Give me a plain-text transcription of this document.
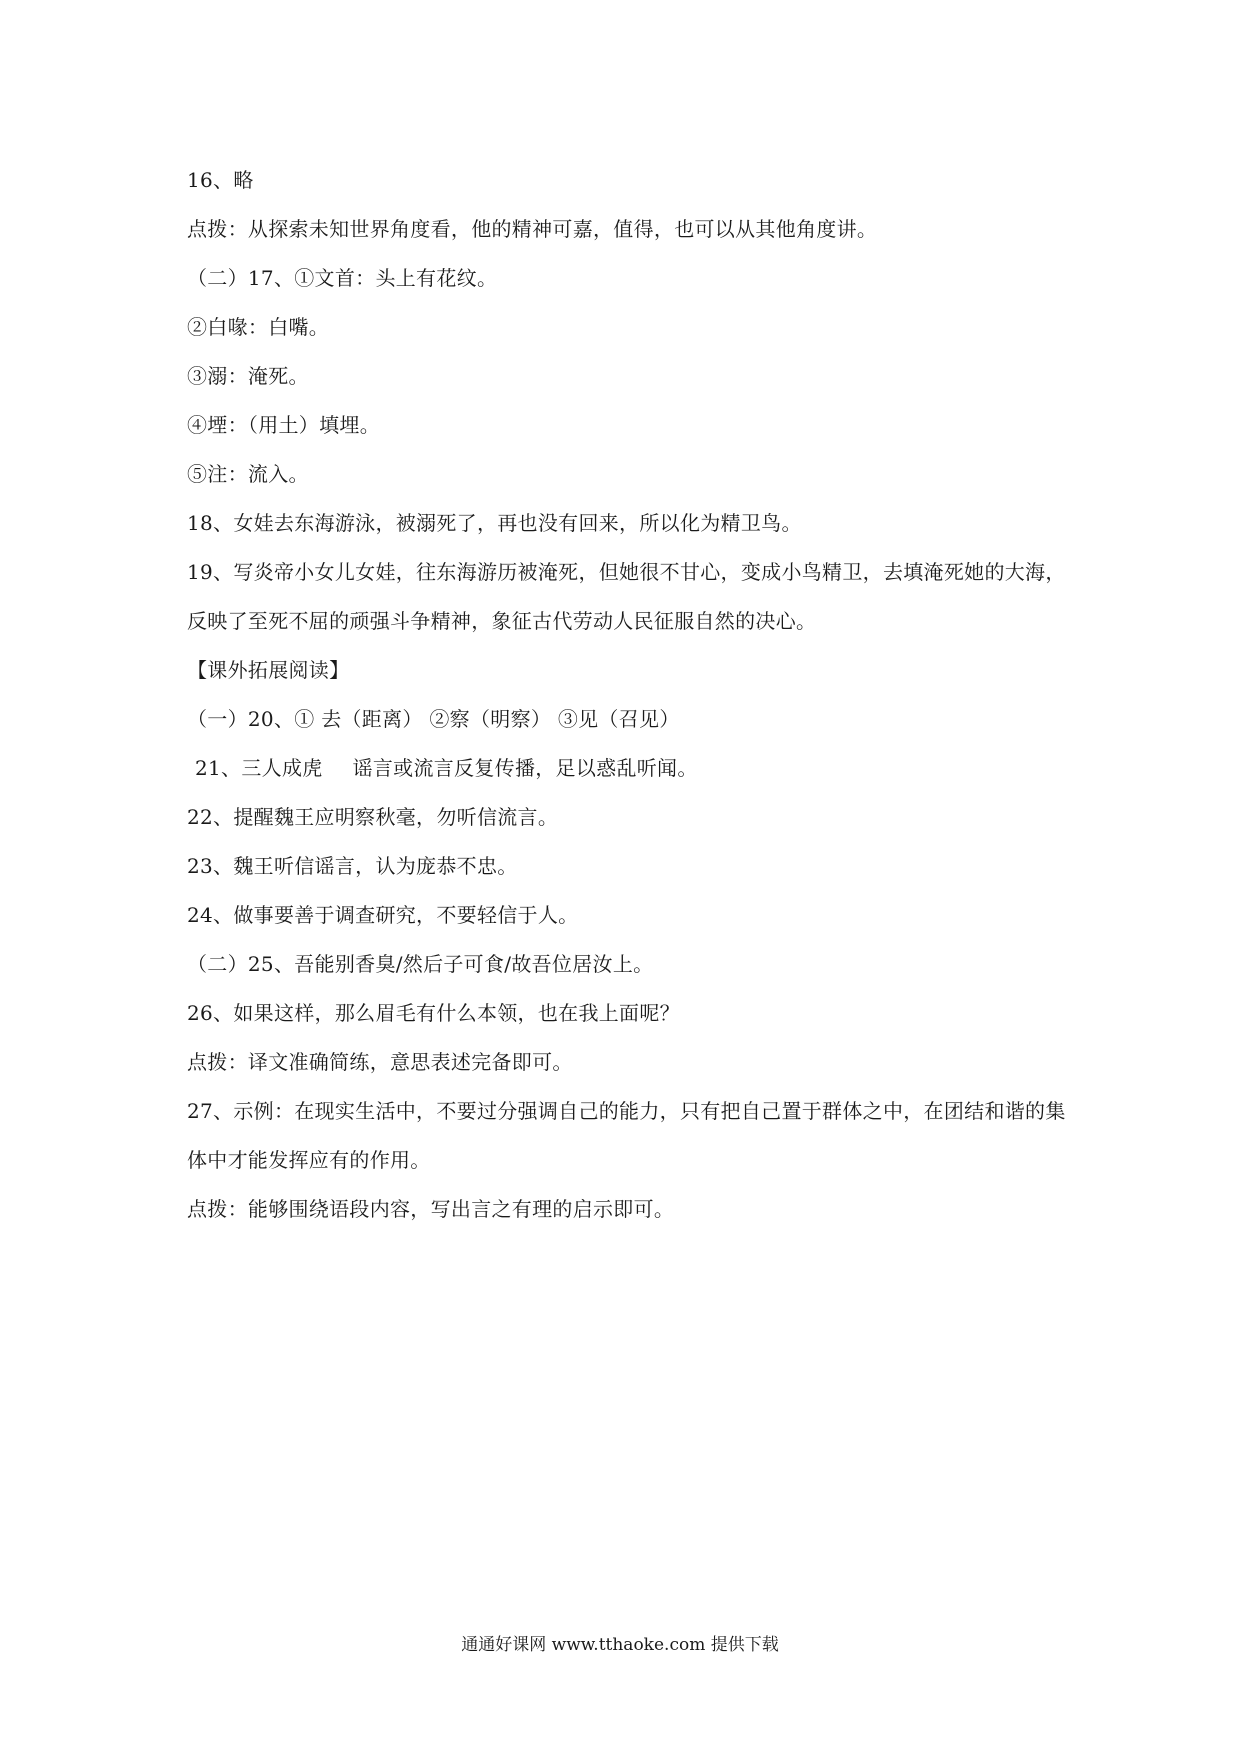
16、略
点拨：从探索未知世界角度看，他的精神可嘉，值得，也可以从其他角度讲。
（二）17、①文首：头上有花纹。
②白喙：白嘴。
③溺：淹死。
④堙：（用土）填埋。
⑤注：流入。
18、女娃去东海游泳，被溺死了，再也没有回来，所以化为精卫鸟。
19、写炎帝小女儿女娃，往东海游历被淹死，但她很不甘心，变成小鸟精卫，去填淹死她的大海，反映了至死不屈的顽强斗争精神，象征古代劳动人民征服自然的决心。
【课外拓展阅读】
（一）20、① 去（距离） ②察（明察） ③见（召见）
21、三人成虎 谣言或流言反复传播，足以惑乱听闻。
22、提醒魏王应明察秋毫，勿听信流言。
23、魏王听信谣言，认为庞恭不忠。
24、做事要善于调查研究，不要轻信于人。
（二）25、吾能别香臭/然后子可食/故吾位居汝上。
26、如果这样，那么眉毛有什么本领，也在我上面呢？
点拨：译文准确简练，意思表述完备即可。
27、示例：在现实生活中，不要过分强调自己的能力，只有把自己置于群体之中，在团结和谐的集体中才能发挥应有的作用。
点拨：能够围绕语段内容，写出言之有理的启示即可。
通通好课网 www.tthaoke.com 提供下载
